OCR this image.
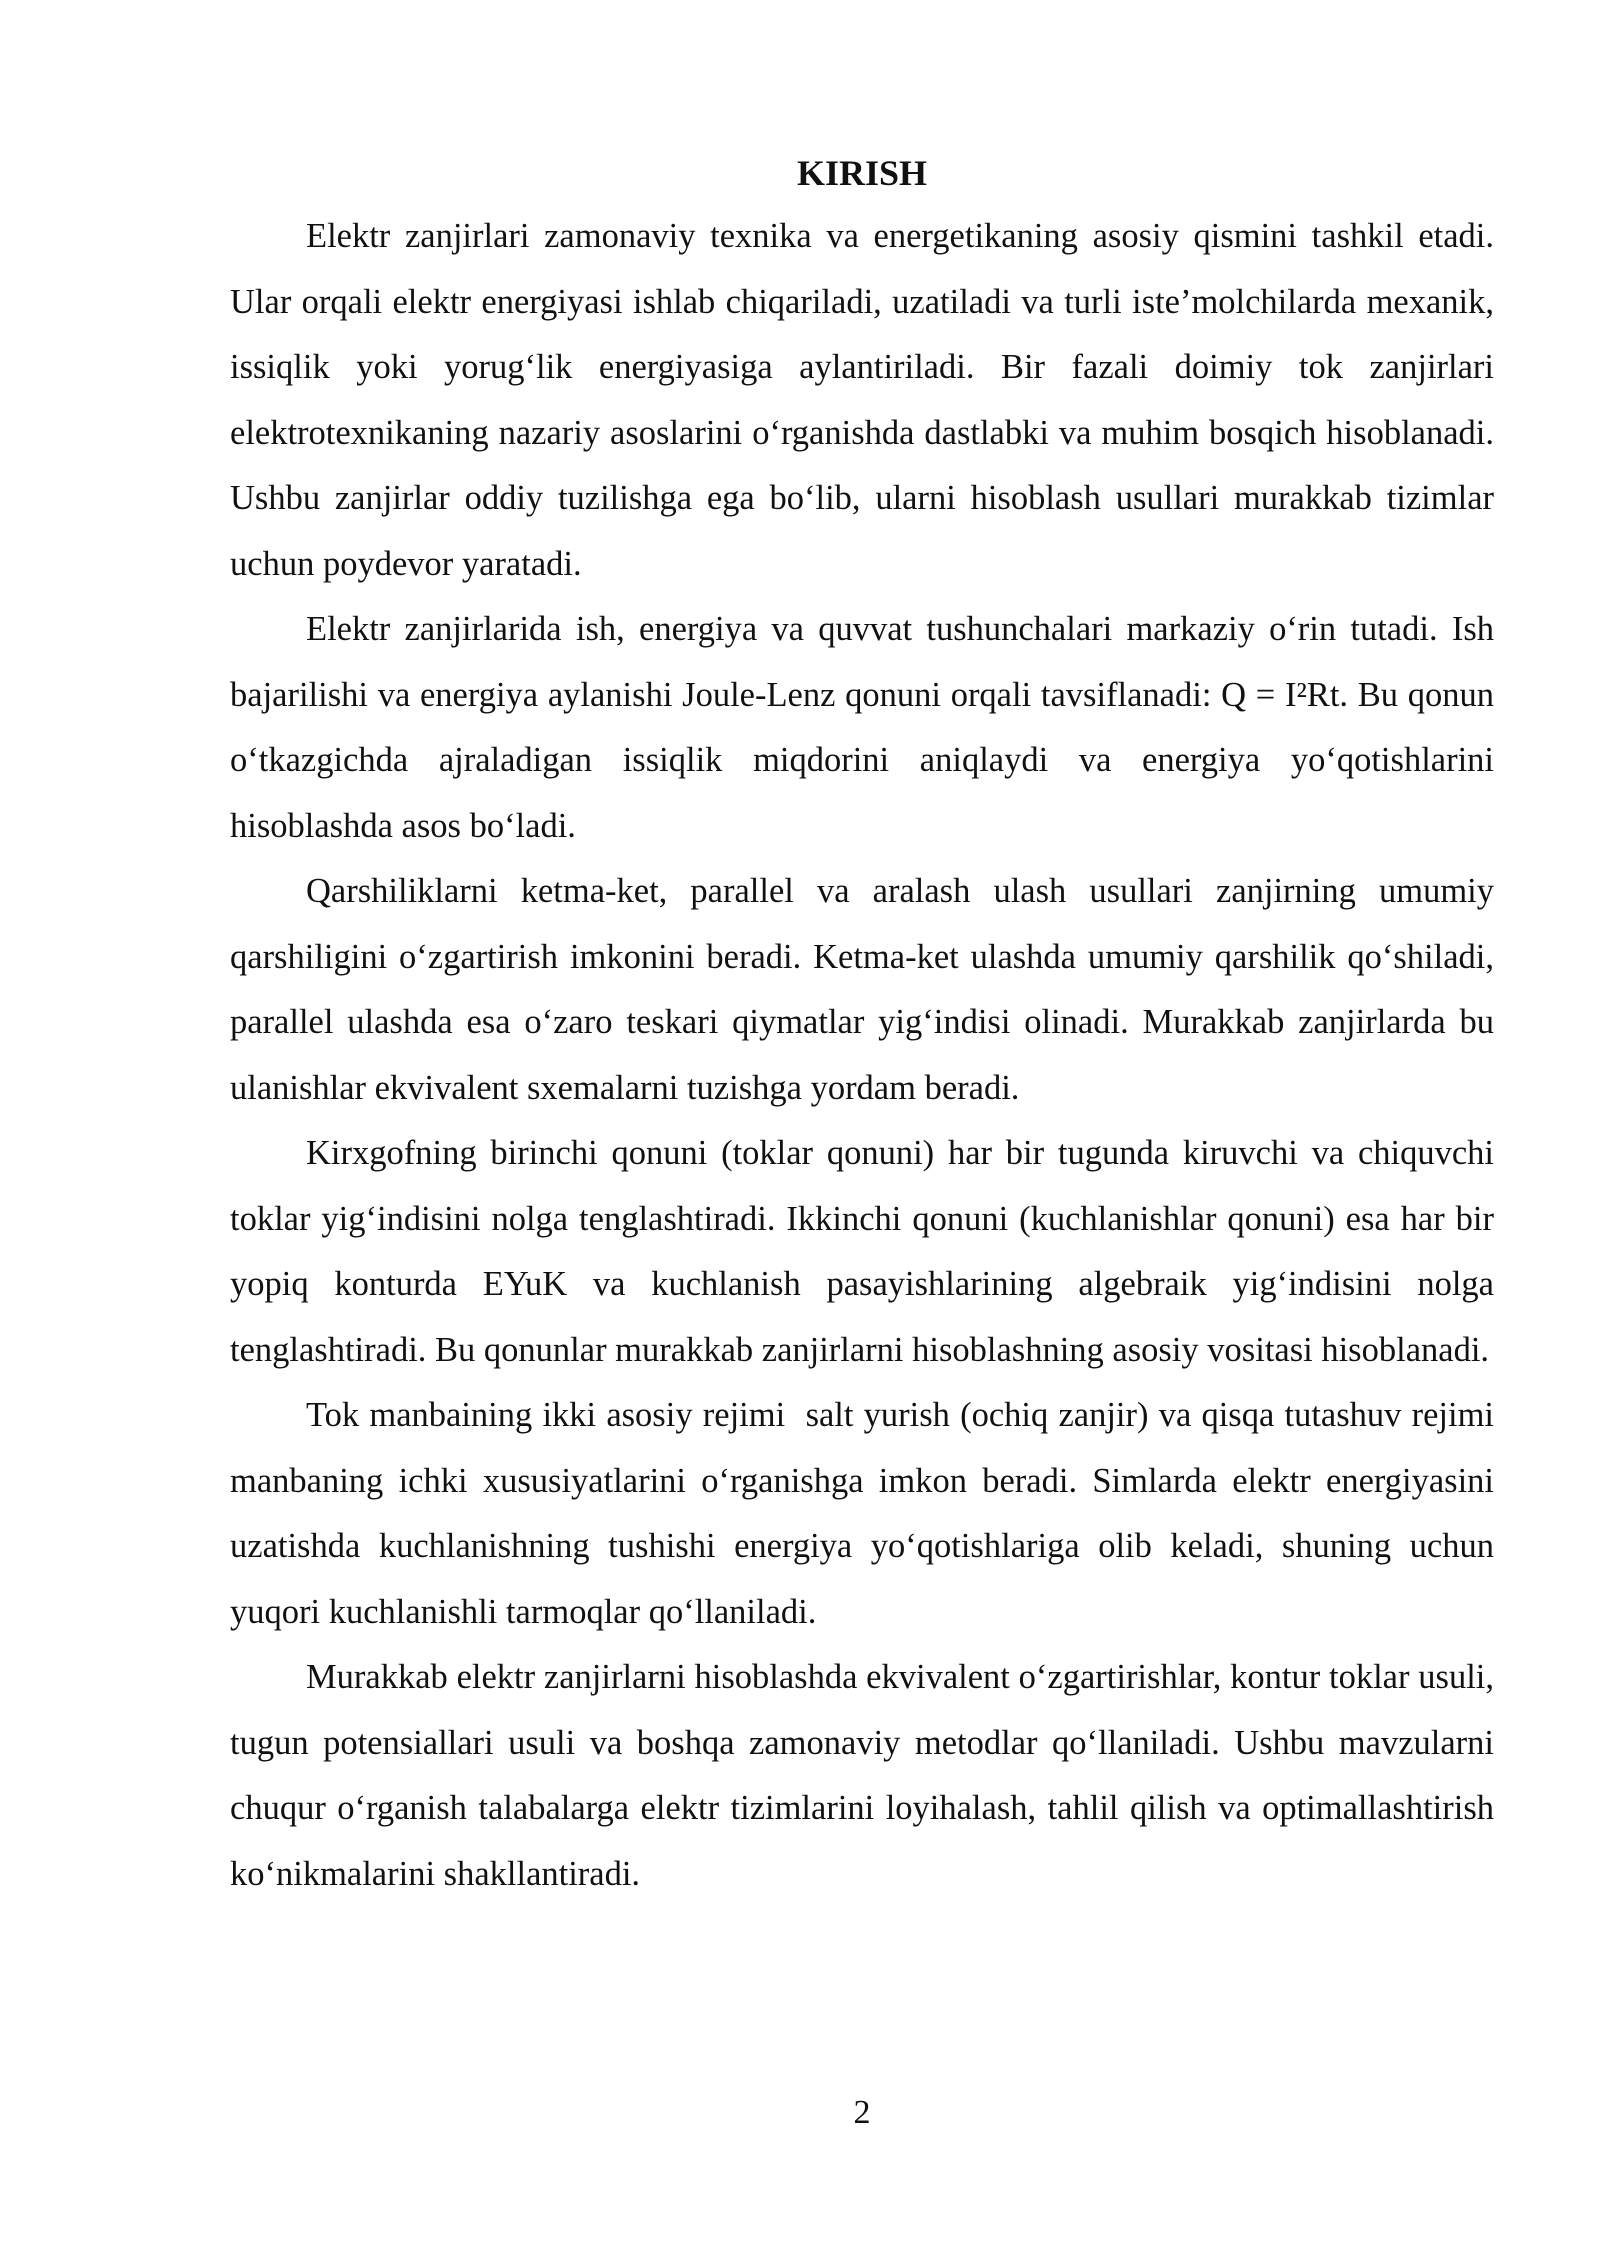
KIRISH

Elektr zanjirlari zamonaviy texnika va energetikaning asosiy qismini tashkil etadi. Ular orqali elektr energiyasi ishlab chiqariladi, uzatiladi va turli iste’molchilarda mexanik, issiqlik yoki yorug‘lik energiyasiga aylantiriladi. Bir fazali doimiy tok zanjirlari elektrotexnikaning nazariy asoslarini o‘rganishda dastlabki va muhim bosqich hisoblanadi. Ushbu zanjirlar oddiy tuzilishga ega bo‘lib, ularni hisoblash usullari murakkab tizimlar uchun poydevor yaratadi.

Elektr zanjirlarida ish, energiya va quvvat tushunchalari markaziy o‘rin tutadi. Ish bajarilishi va energiya aylanishi Joule-Lenz qonuni orqali tavsiflanadi: Q = I²Rt. Bu qonun o‘tkazgichda ajraladigan issiqlik miqdorini aniqlaydi va energiya yo‘qotishlarini hisoblashda asos bo‘ladi.

Qarshiliklarni ketma-ket, parallel va aralash ulash usullari zanjirning umumiy qarshiligini o‘zgartirish imkonini beradi. Ketma-ket ulashda umumiy qarshilik qo‘shiladi, parallel ulashda esa o‘zaro teskari qiymatlar yig‘indisi olinadi. Murakkab zanjirlarda bu ulanishlar ekvivalent sxemalarni tuzishga yordam beradi.

Kirxgofning birinchi qonuni (toklar qonuni) har bir tugunda kiruvchi va chiquvchi toklar yig‘indisini nolga tenglashtiradi. Ikkinchi qonuni (kuchlanishlar qonuni) esa har bir yopiq konturda EYuK va kuchlanish pasayishlarining algebraik yig‘indisini nolga tenglashtiradi. Bu qonunlar murakkab zanjirlarni hisoblashning asosiy vositasi hisoblanadi.

Tok manbaining ikki asosiy rejimi  salt yurish (ochiq zanjir) va qisqa tutashuv rejimi  manbaning ichki xususiyatlarini o‘rganishga imkon beradi. Simlarda elektr energiyasini uzatishda kuchlanishning tushishi energiya yo‘qotishlariga olib keladi, shuning uchun yuqori kuchlanishli tarmoqlar qo‘llaniladi.

Murakkab elektr zanjirlarni hisoblashda ekvivalent o‘zgartirishlar, kontur toklar usuli, tugun potensiallari usuli va boshqa zamonaviy metodlar qo‘llaniladi. Ushbu mavzularni chuqur o‘rganish talabalarga elektr tizimlarini loyihalash, tahlil qilish va optimallashtirish ko‘nikmalarini shakllantiradi.

2
